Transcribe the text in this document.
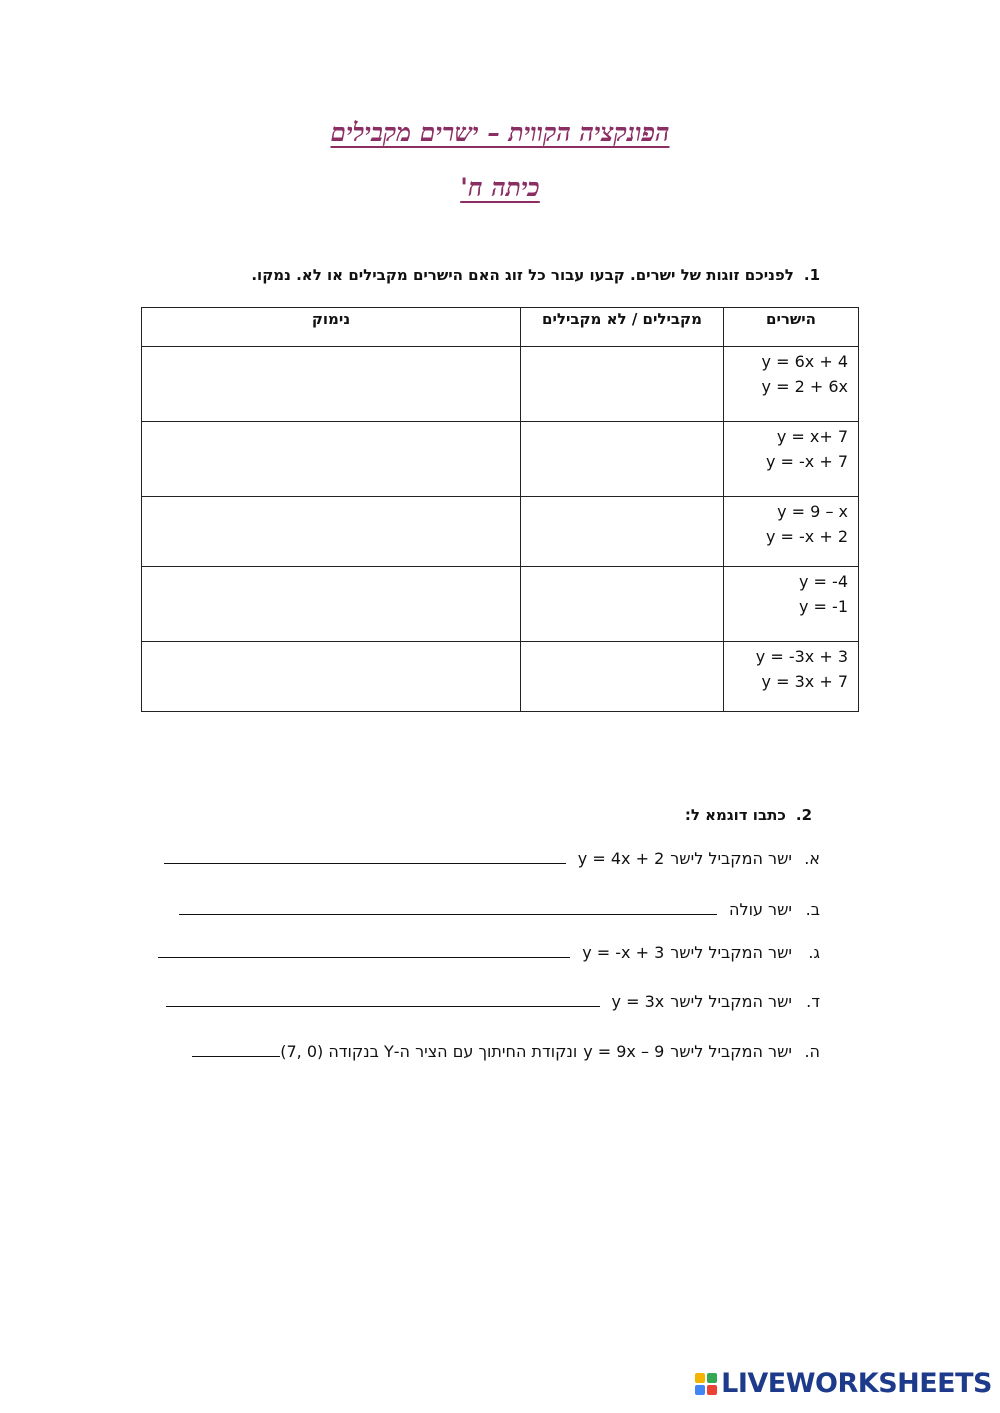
הפונקציה הקווית – ישרים מקבילים
כיתה ח'
1.לפניכם זוגות של ישרים. קבעו עבור כל זוג האם הישרים מקבילים או לא. נמקו.
הישרים	מקבילים / לא מקבילים	נימוק

y = 6x + 4
y = 2 + 6x		

y = x+ 7
y = -x + 7		

y = 9 – x
y = -x + 2		

y = -4
y = -1		

y = -3x + 3
y = 3x + 7		

2.כתבו דוגמא ל:
א.
ישר המקביל לישר
y = 4x + 2
ב.
ישר עולה
ג.
ישר המקביל לישר
y = -x + 3
ד.
ישר המקביל לישר
y = 3x
ה.
ישר המקביל לישר
y = 9x – 9
ונקודת החיתוך עם הציר ה-Y בנקודה (0 ,7)
LIVEWORKSHEETS
